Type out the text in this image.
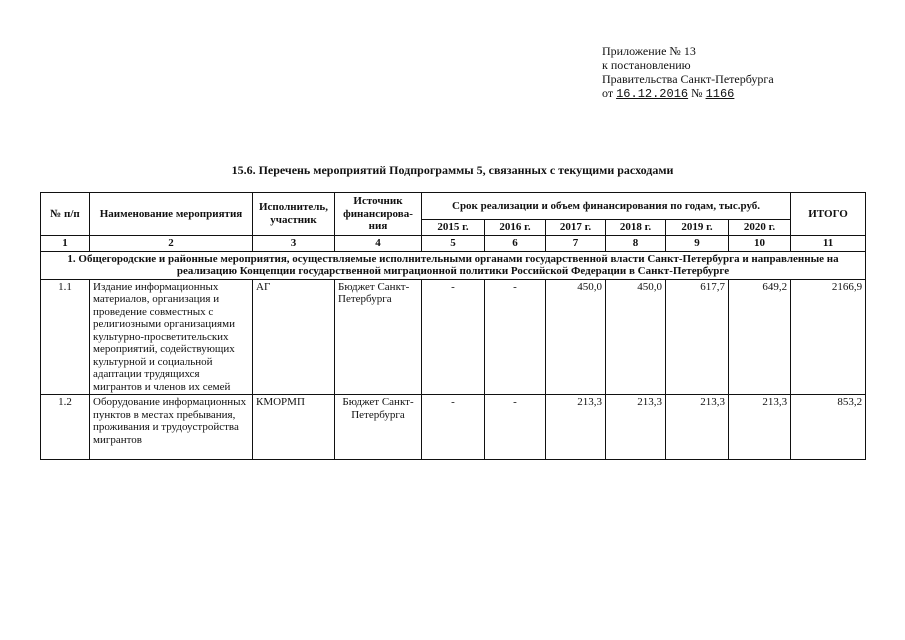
Приложение № 13
к постановлению
Правительства Санкт-Петербурга
от 16.12.2016 № 1166
15.6. Перечень мероприятий Подпрограммы 5, связанных с текущими расходами
№ п/п	Наименование мероприятия	Исполнитель, участник	Источник финансирова-ния	Срок реализации и объем финансирования по годам, тыс.руб.						ИТОГО
				2015 г.	2016 г.	2017 г.	2018 г.	2019 г.	2020 г.	
1	2	3	4	5	6	7	8	9	10	11
1. Общегородские и районные мероприятия, осуществляемые исполнительными органами государственной власти Санкт-Петербурга и направленные на реализацию Концепции государственной миграционной политики Российской Федерации в Санкт-Петербурге										
1.1	Издание информационных материалов, организация и проведение совместных с религиозными организациями культурно-просветительских мероприятий, содействующих культурной и социальной адаптации трудящихся мигрантов и членов их семей	АГ	Бюджет Санкт-Петербурга	-	-	450,0	450,0	617,7	649,2	2166,9
1.2	Оборудование информационных пунктов в местах пребывания, проживания и трудоустройства мигрантов	КМОРМП	Бюджет Санкт-Петербурга	-	-	213,3	213,3	213,3	213,3	853,2
